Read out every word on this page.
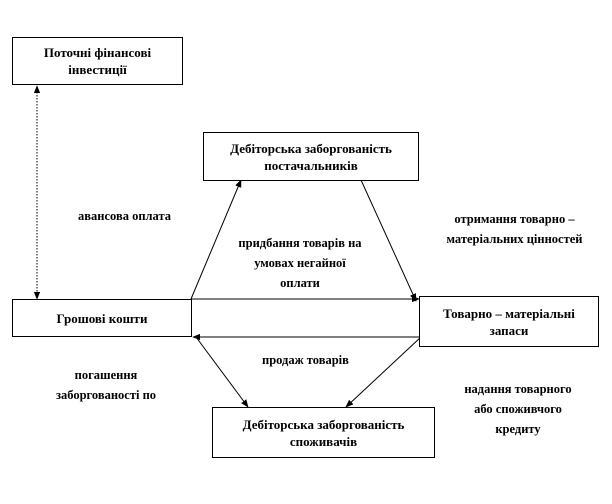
Поточні фінансові інвестиції
Дебіторська заборгованість постачальників
Грошові кошти	Товарно – матеріальні запаси
Дебіторська заборгованість споживачів
авансова оплата
придбання товарів на умовах негайної оплати
отримання товарно – матеріальних цінностей
продаж товарів
погашення заборгованості по	надання товарного або споживчого кредиту
